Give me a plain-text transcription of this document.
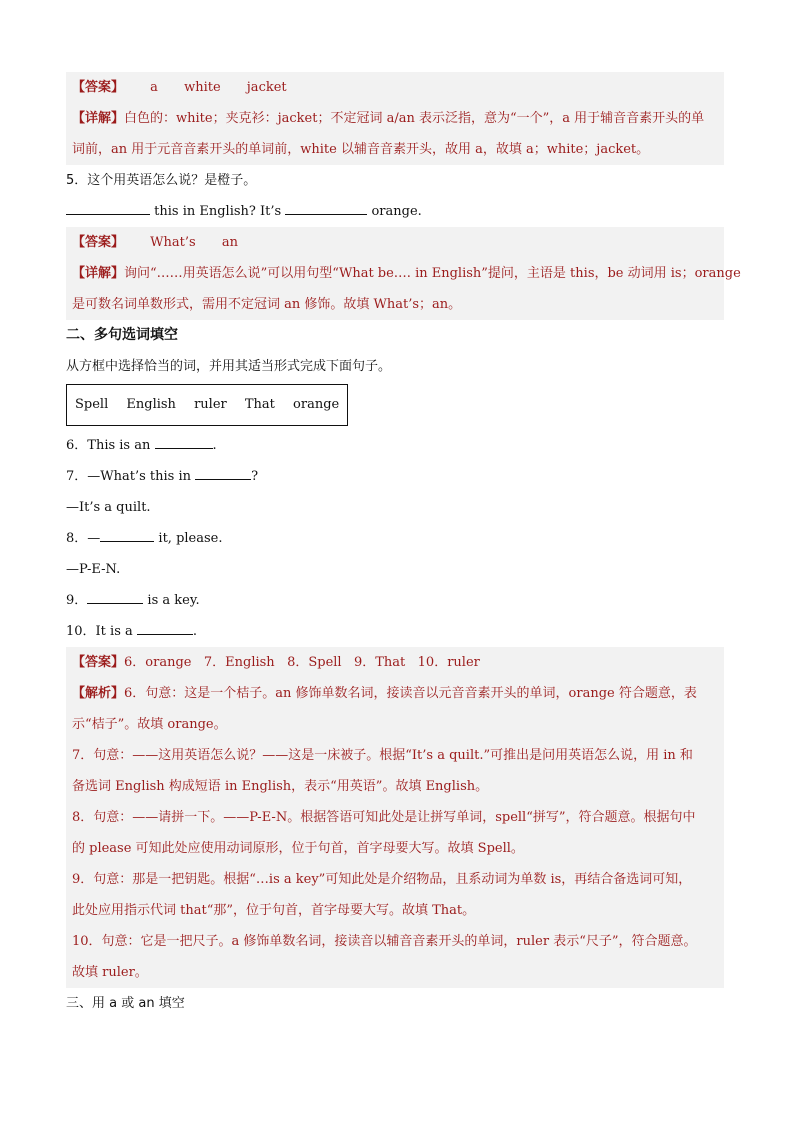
【答案】 a white jacket
【详解】白色的：white；夹克衫：jacket；不定冠词 a/an 表示泛指，意为“一个”，a 用于辅音音素开头的单
词前，an 用于元音音素开头的单词前，white 以辅音音素开头，故用 a，故填 a；white；jacket。
5．这个用英语怎么说？是橙子。
this in English? It’s	orange.
【答案】 What’s an
【详解】询问“……用英语怎么说”可以用句型“What be…. in English”提问，主语是 this，be 动词用 is；orange
是可数名词单数形式，需用不定冠词 an 修饰。故填 What’s；an。
二、多句选词填空
从方框中选择恰当的词，并用其适当形式完成下面句子。
Spell English ruler That orange
6．This is an	.
7．—What’s this in	?
—It’s a quilt.
8．—	it, please.
—P-E-N.
9．	is a key.
10．It is a	.
【答案】6．orange   7．English   8．Spell   9．That   10．ruler
【解析】6．句意：这是一个桔子。an 修饰单数名词，接读音以元音音素开头的单词，orange 符合题意，表
示“桔子”。故填 orange。
7．句意：——这用英语怎么说？——这是一床被子。根据“It’s a quilt.”可推出是问用英语怎么说，用 in 和
备选词 English 构成短语 in English，表示“用英语”。故填 English。
8．句意：——请拼一下。——P-E-N。根据答语可知此处是让拼写单词，spell“拼写”，符合题意。根据句中
的 please 可知此处应使用动词原形，位于句首，首字母要大写。故填 Spell。
9．句意：那是一把钥匙。根据“…is a key”可知此处是介绍物品，且系动词为单数 is，再结合备选词可知，
此处应用指示代词 that“那”，位于句首，首字母要大写。故填 That。
10．句意：它是一把尺子。a 修饰单数名词，接读音以辅音音素开头的单词，ruler 表示“尺子”，符合题意。
故填 ruler。
三、用 a 或 an 填空
